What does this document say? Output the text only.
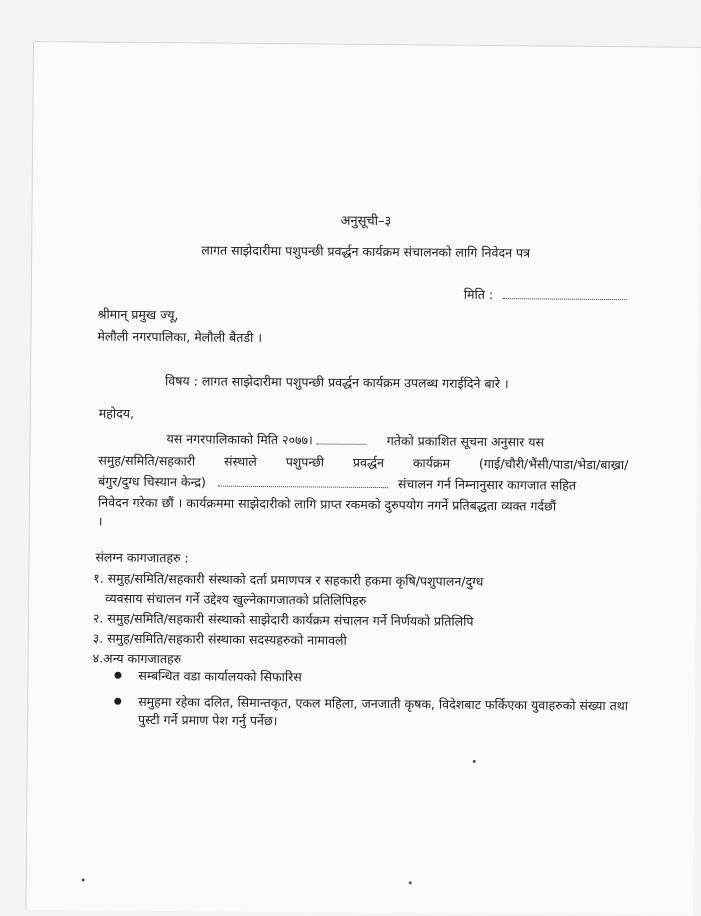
अनुसूची–३
लागत साझेदारीमा पशुपन्छी प्रवर्द्धन कार्यक्रम संचालनको लागि निवेदन पत्र
मिति :
श्रीमान् प्रमुख ज्यू,
मेलौली नगरपालिका, मेलौली बैतडी ।
विषय : लागत साझेदारीमा पशुपन्छी प्रवर्द्धन कार्यक्रम उपलब्ध गराईदिने बारे ।
महोदय,
यस नगरपालिकाको मिति २०७७।	गतेको प्रकाशित सूचना अनुसार यस
समुह/समिति/सहकारी संस्थाले पशुपन्छी प्रवर्द्धन कार्यक्रम (गाई/चौरी/भैंसी/पाडा/भेडा/बाख्रा/
बंगुर/दुग्ध चिस्यान केन्द्र)	संचालन गर्न निम्नानुसार कागजात सहित
निवेदन गरेका छौं । कार्यक्रममा साझेदारीको लागि प्राप्त रकमको दुरुपयोग नगर्ने प्रतिबद्धता व्यक्त गर्दछौं
।
संलग्न कागजातहरु :
१. समुह/समिति/सहकारी संस्थाको दर्ता प्रमाणपत्र र सहकारी हकमा कृषि/पशुपालन/दुग्ध
व्यवसाय संचालन गर्ने उद्देश्य खुल्नेकागजातको प्रतिलिपिहरु
२. समुह/समिति/सहकारी संस्थाको साझेदारी कार्यक्रम संचालन गर्ने निर्णयको प्रतिलिपि
३. समुह/समिति/सहकारी संस्थाका सदस्यहरुको नामावली
४.अन्य कागजातहरु
सम्बन्धित वडा कार्यालयको सिफारिस
समुहमा रहेका दलित, सिमान्तकृत, एकल महिला, जनजाती कृषक, विदेशबाट फर्किएका युवाहरुको संख्या तथा पुस्टी गर्ने प्रमाण पेश गर्नु पर्नेछ।
